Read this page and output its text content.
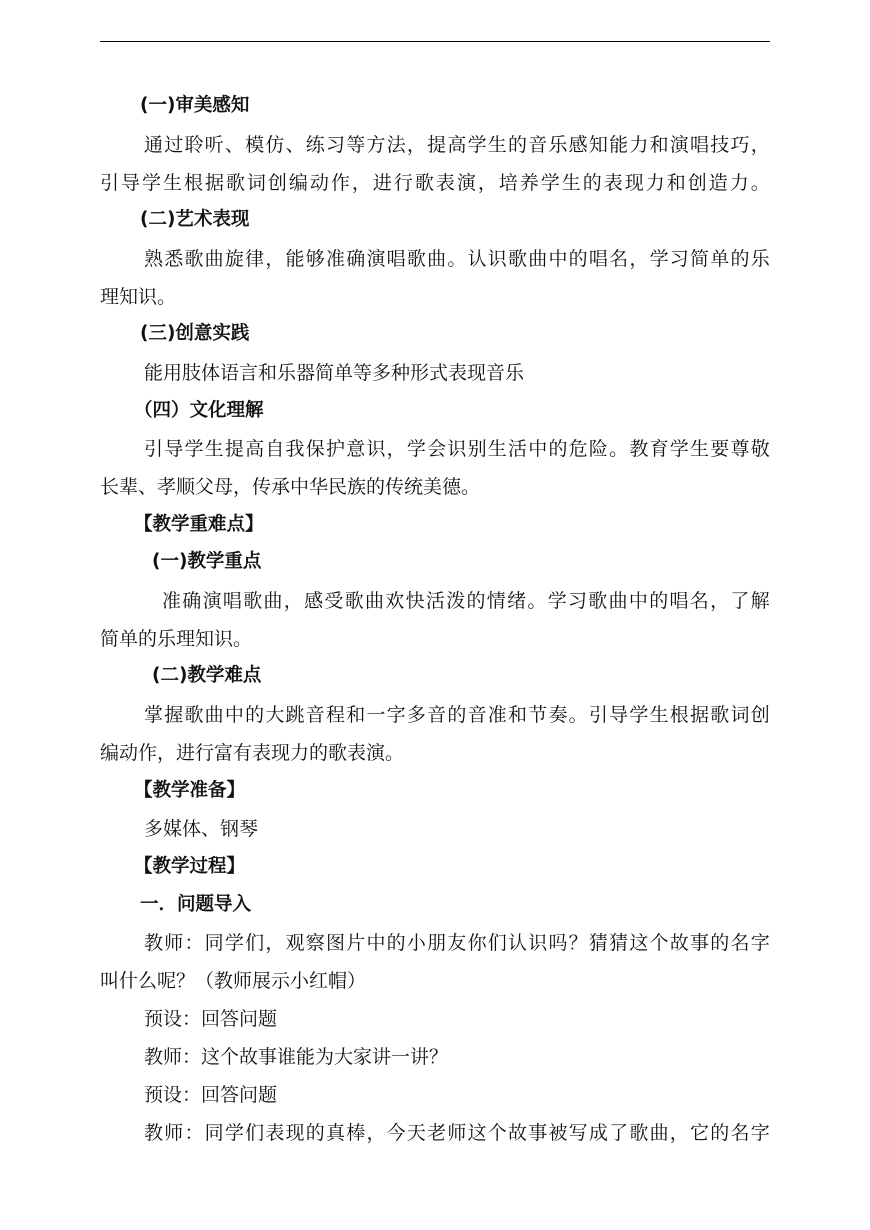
(一)审美感知
通过聆听、模仿、练习等方法，提高学生的音乐感知能力和演唱技巧，
引导学生根据歌词创编动作，进行歌表演，培养学生的表现力和创造力。
(二)艺术表现
熟悉歌曲旋律，能够准确演唱歌曲。认识歌曲中的唱名，学习简单的乐
理知识。
(三)创意实践
能用肢体语言和乐器简单等多种形式表现音乐
（四）文化理解
引导学生提高自我保护意识，学会识别生活中的危险。教育学生要尊敬
长辈、孝顺父母，传承中华民族的传统美德。
【教学重难点】
(一)教学重点
准确演唱歌曲，感受歌曲欢快活泼的情绪。学习歌曲中的唱名，了解
简单的乐理知识。
(二)教学难点
掌握歌曲中的大跳音程和一字多音的音准和节奏。引导学生根据歌词创
编动作，进行富有表现力的歌表演。
【教学准备】
多媒体、钢琴
【教学过程】
一．问题导入
教师：同学们，观察图片中的小朋友你们认识吗？猜猜这个故事的名字
叫什么呢？（教师展示小红帽）
预设：回答问题
教师：这个故事谁能为大家讲一讲？
预设：回答问题
教师：同学们表现的真棒，今天老师这个故事被写成了歌曲，它的名字
